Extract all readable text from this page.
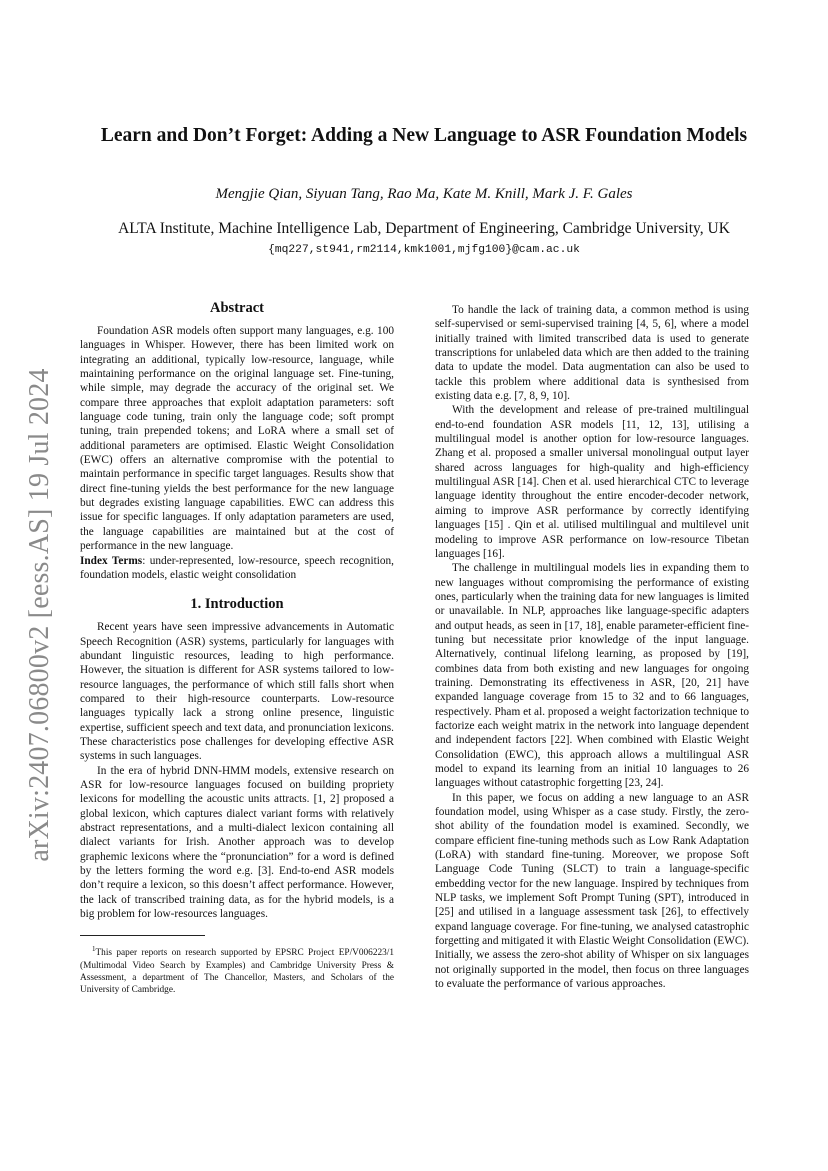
arXiv:2407.06800v2 [eess.AS] 19 Jul 2024
Learn and Don’t Forget: Adding a New Language to ASR Foundation Models
Mengjie Qian, Siyuan Tang, Rao Ma, Kate M. Knill, Mark J. F. Gales
ALTA Institute, Machine Intelligence Lab, Department of Engineering, Cambridge University, UK
{mq227,st941,rm2114,kmk1001,mjfg100}@cam.ac.uk
Abstract

Foundation ASR models often support many languages, e.g. 100 languages in Whisper. However, there has been limited work on integrating an additional, typically low-resource, language, while maintaining performance on the original language set. Fine-tuning, while simple, may degrade the accuracy of the original set. We compare three approaches that exploit adaptation parameters: soft language code tuning, train only the language code; soft prompt tuning, train prepended tokens; and LoRA where a small set of additional parameters are optimised. Elastic Weight Consolidation (EWC) offers an alternative compromise with the potential to maintain performance in specific target languages. Results show that direct fine-tuning yields the best performance for the new language but degrades existing language capabilities. EWC can address this issue for specific languages. If only adaptation parameters are used, the language capabilities are maintained but at the cost of performance in the new language.

Index Terms: under-represented, low-resource, speech recognition, foundation models, elastic weight consolidation

1. Introduction

Recent years have seen impressive advancements in Automatic Speech Recognition (ASR) systems, particularly for languages with abundant linguistic resources, leading to high performance. However, the situation is different for ASR systems tailored to low-resource languages, the performance of which still falls short when compared to their high-resource counterparts. Low-resource languages typically lack a strong online presence, linguistic expertise, sufficient speech and text data, and pronunciation lexicons. These characteristics pose challenges for developing effective ASR systems in such languages.

In the era of hybrid DNN-HMM models, extensive research on ASR for low-resource languages focused on building propriety lexicons for modelling the acoustic units attracts. [1, 2] proposed a global lexicon, which captures dialect variant forms with relatively abstract representations, and a multi-dialect lexicon containing all dialect variants for Irish. Another approach was to develop graphemic lexicons where the “pronunciation” for a word is defined by the letters forming the word e.g. [3]. End-to-end ASR models don’t require a lexicon, so this doesn’t affect performance. However, the lack of transcribed training data, as for the hybrid models, is a big problem for low-resources languages.

$^1$This paper reports on research supported by EPSRC Project EP/V006223/1 (Multimodal Video Search by Examples) and Cambridge University Press & Assessment, a department of The Chancellor, Masters, and Scholars of the University of Cambridge.

To handle the lack of training data, a common method is using self-supervised or semi-supervised training [4, 5, 6], where a model initially trained with limited transcribed data is used to generate transcriptions for unlabeled data which are then added to the training data to update the model. Data augmentation can also be used to tackle this problem where additional data is synthesised from existing data e.g. [7, 8, 9, 10].

With the development and release of pre-trained multilingual end-to-end foundation ASR models [11, 12, 13], utilising a multilingual model is another option for low-resource languages. Zhang et al. proposed a smaller universal monolingual output layer shared across languages for high-quality and high-efficiency multilingual ASR [14]. Chen et al. used hierarchical CTC to leverage language identity throughout the entire encoder-decoder network, aiming to improve ASR performance by correctly identifying languages [15] . Qin et al. utilised multilingual and multilevel unit modeling to improve ASR performance on low-resource Tibetan languages [16].

The challenge in multilingual models lies in expanding them to new languages without compromising the performance of existing ones, particularly when the training data for new languages is limited or unavailable. In NLP, approaches like language-specific adapters and output heads, as seen in [17, 18], enable parameter-efficient fine-tuning but necessitate prior knowledge of the input language. Alternatively, continual lifelong learning, as proposed by [19], combines data from both existing and new languages for ongoing training. Demonstrating its effectiveness in ASR, [20, 21] have expanded language coverage from 15 to 32 and to 66 languages, respectively. Pham et al. proposed a weight factorization technique to factorize each weight matrix in the network into language dependent and independent factors [22]. When combined with Elastic Weight Consolidation (EWC), this approach allows a multilingual ASR model to expand its learning from an initial 10 languages to 26 languages without catastrophic forgetting [23, 24].

In this paper, we focus on adding a new language to an ASR foundation model, using Whisper as a case study. Firstly, the zero-shot ability of the foundation model is examined. Secondly, we compare efficient fine-tuning methods such as Low Rank Adaptation (LoRA) with standard fine-tuning. Moreover, we propose Soft Language Code Tuning (SLCT) to train a language-specific embedding vector for the new language. Inspired by techniques from NLP tasks, we implement Soft Prompt Tuning (SPT), introduced in [25] and utilised in a language assessment task [26], to effectively expand language coverage. For fine-tuning, we analysed catastrophic forgetting and mitigated it with Elastic Weight Consolidation (EWC). Initially, we assess the zero-shot ability of Whisper on six languages not originally supported in the model, then focus on three languages to evaluate the performance of various approaches.
